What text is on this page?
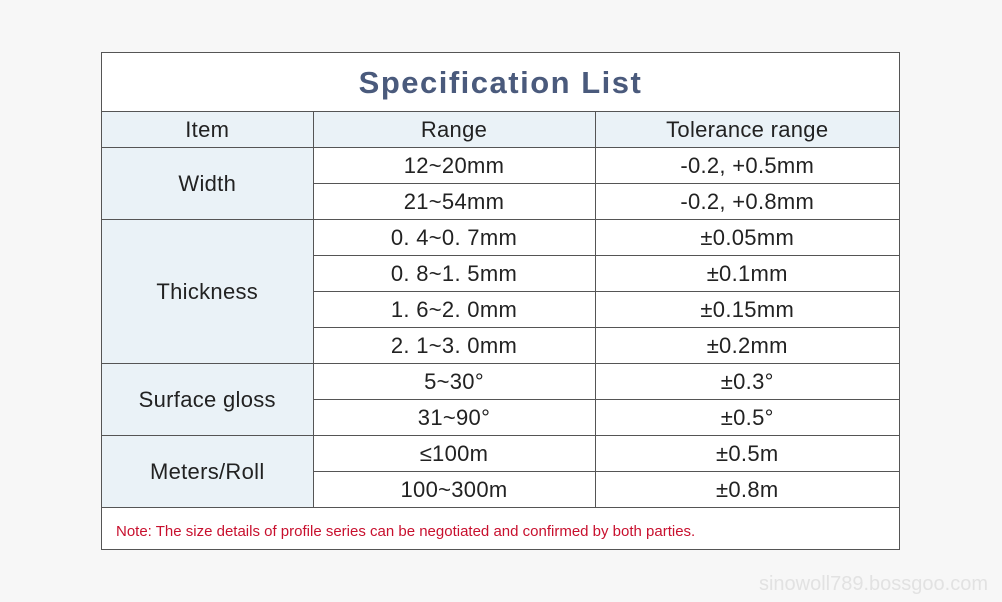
Specification List
Item	Range	Tolerance range
Width	12~20mm	-0.2, +0.5mm
	21~54mm	-0.2, +0.8mm
Thickness	0. 4~0. 7mm	±0.05mm
	0. 8~1. 5mm	±0.1mm
	1. 6~2. 0mm	±0.15mm
	2. 1~3. 0mm	±0.2mm
Surface gloss	5~30°	±0.3°
	31~90°	±0.5°
Meters/Roll	≤100m	±0.5m
	100~300m	±0.8m
Note: The size details of profile series can be negotiated and confirmed by both parties.
sinowoll789.bossgoo.com
